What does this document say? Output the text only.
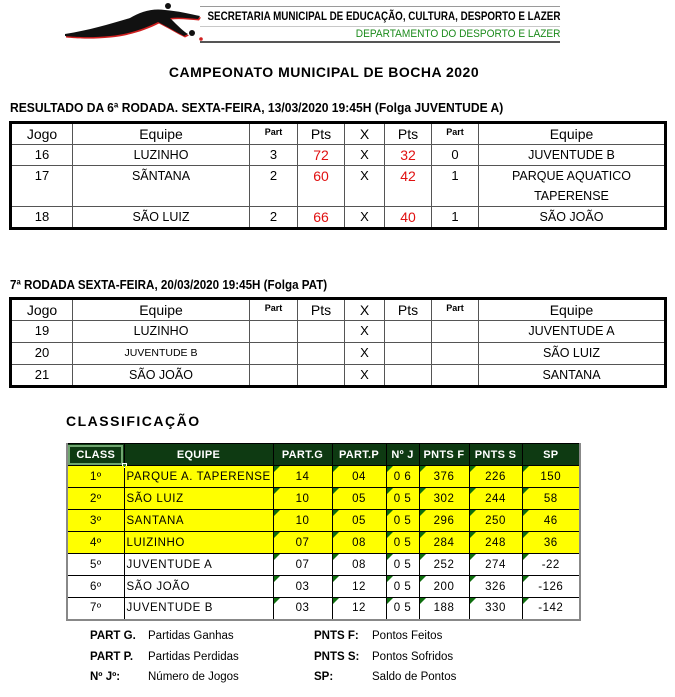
SECRETARIA MUNICIPAL DE EDUCAÇÃO, CULTURA, DESPORTO E LAZER
DEPARTAMENTO DO DESPORTO E LAZER
CAMPEONATO MUNICIPAL DE BOCHA 2020
RESULTADO DA 6ª RODADA. SEXTA-FEIRA, 13/03/2020 19:45H (Folga JUVENTUDE A)
Jogo	Equipe	Part	Pts	X	Pts	Part	Equipe
16	LUZINHO	3	72	X	32	0	JUVENTUDE B
17	SÃNTANA	2	60	X	42	1	PARQUE AQUATICO
TAPERENSE

18	SÃO LUIZ	2	66	X	40	1	SÃO JOÃO
7ª RODADA SEXTA-FEIRA, 20/03/2020 19:45H (Folga PAT)
Jogo	Equipe	Part	Pts	X	Pts	Part	Equipe
19	LUZINHO			X			JUVENTUDE A
20	JUVENTUDE B			X			SÃO LUIZ
21	SÃO JOÃO			X			SANTANA
CLASSIFICAÇÃO
CLASS	EQUIPE	PART.G	PART.P	Nº J	PNTS F	PNTS S	SP
1º	PARQUE A. TAPERENSE	14	04	0 6	376	226	150
2º	SÃO LUIZ	10	05	0 5	302	244	58
3º	SANTANA	10	05	0 5	296	250	46
4º	LUIZINHO	07	08	0 5	284	248	36
5º	JUVENTUDE A	07	08	0 5	252	274	-22
6º	SÃO JOÃO	03	12	0 5	200	326	-126
7º	JUVENTUDE B	03	12	0 5	188	330	-142
PART G. Partidas Ganhas
PART P. Partidas Perdidas
Nº Jº: Número de Jogos
PNTS F: Pontos Feitos
PNTS S: Pontos Sofridos
SP:	Saldo de Pontos
